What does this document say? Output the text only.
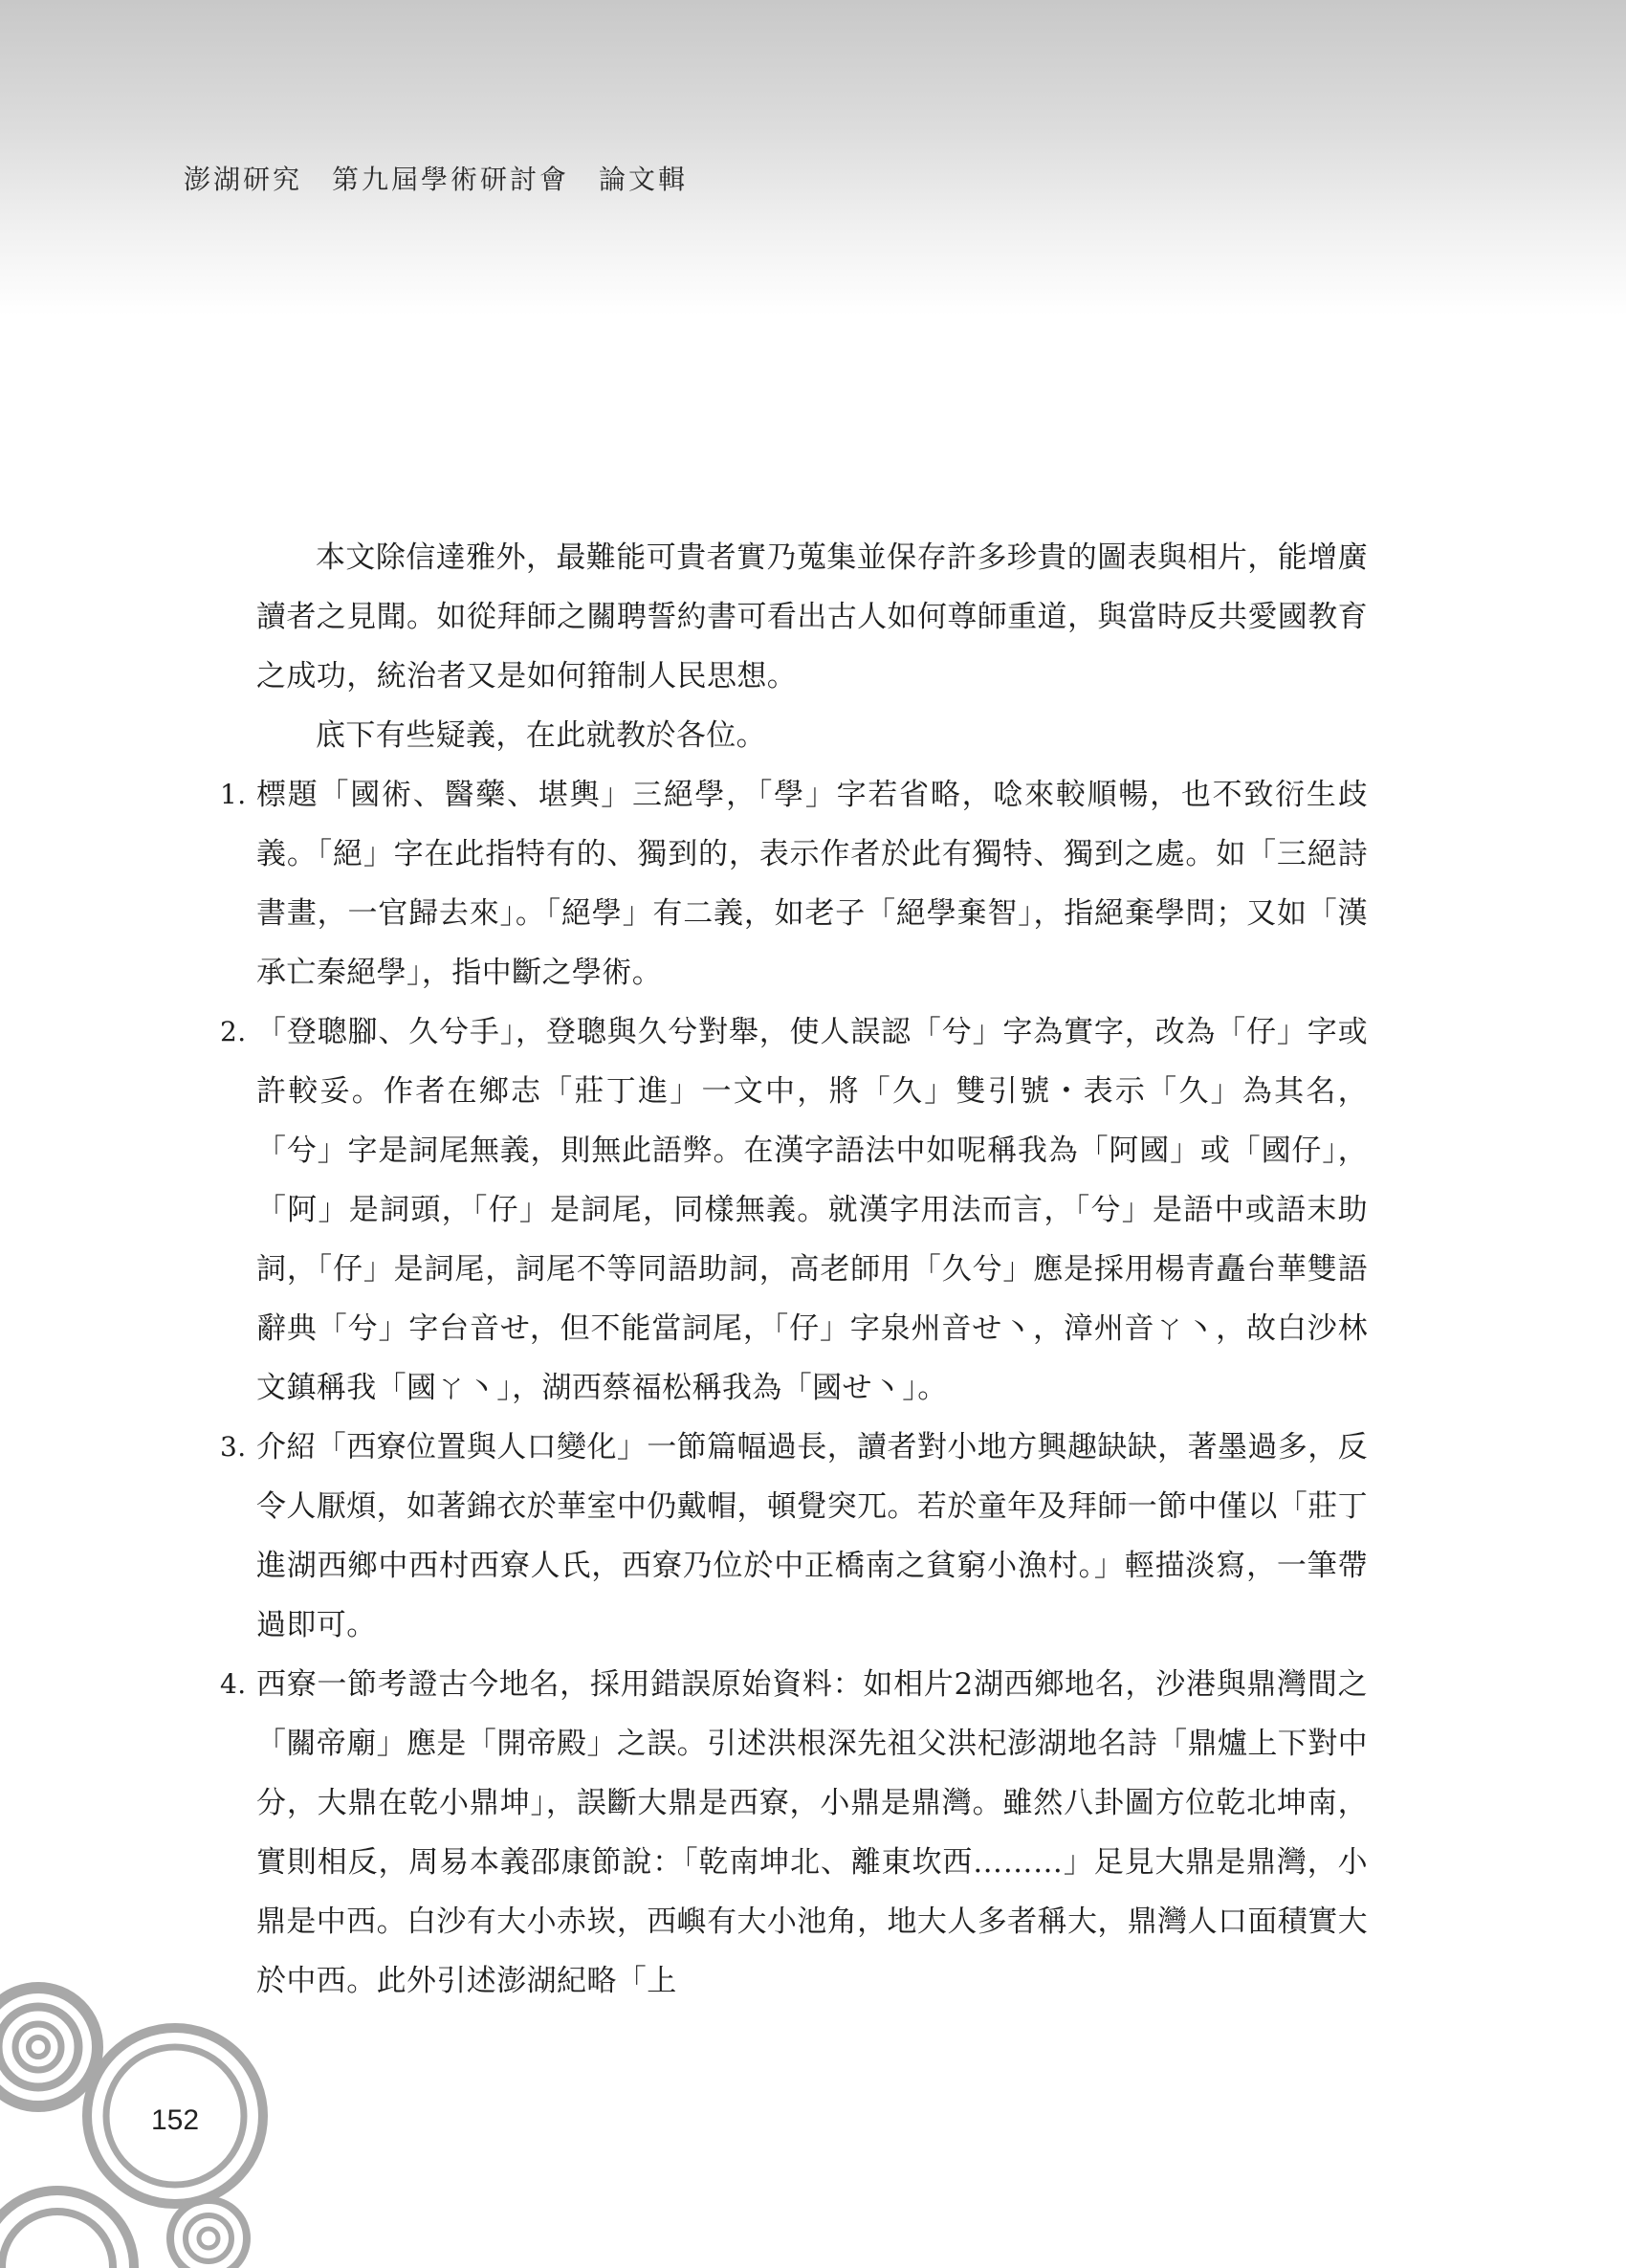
澎湖研究　第九屆學術研討會　論文輯

本文除信達雅外，最難能可貴者實乃蒐集並保存許多珍貴的圖表與相片，能增廣讀者之見聞。如從拜師之關聘誓約書可看出古人如何尊師重道，與當時反共愛國教育之成功，統治者又是如何箝制人民思想。

底下有些疑義，在此就教於各位。

1. 標題「國術、醫藥、堪輿」三絕學，「學」字若省略，唸來較順暢，也不致衍生歧義。「絕」字在此指特有的、獨到的，表示作者於此有獨特、獨到之處。如「三絕詩書畫，一官歸去來」。「絕學」有二義，如老子「絕學棄智」，指絕棄學問；又如「漢承亡秦絕學」，指中斷之學術。
2. 「登聰腳、久兮手」，登聰與久兮對舉，使人誤認「兮」字為實字，改為「仔」字或許較妥。作者在鄉志「莊丁進」一文中，將「久」雙引號・表示「久」為其名，「兮」字是詞尾無義，則無此語弊。在漢字語法中如呢稱我為「阿國」或「國仔」，「阿」是詞頭，「仔」是詞尾，同樣無義。就漢字用法而言，「兮」是語中或語末助詞，「仔」是詞尾，詞尾不等同語助詞，高老師用「久兮」應是採用楊青矗台華雙語辭典「兮」字台音せ，但不能當詞尾，「仔」字泉州音せ丶，漳州音ㄚ丶，故白沙林文鎮稱我「國ㄚ丶」，湖西蔡福松稱我為「國せ丶」。
3. 介紹「西寮位置與人口變化」一節篇幅過長，讀者對小地方興趣缺缺，著墨過多，反令人厭煩，如著錦衣於華室中仍戴帽，頓覺突兀。若於童年及拜師一節中僅以「莊丁進湖西鄉中西村西寮人氏，西寮乃位於中正橋南之貧窮小漁村。」輕描淡寫，一筆帶過即可。
4. 西寮一節考證古今地名，採用錯誤原始資料：如相片2湖西鄉地名，沙港與鼎灣間之「關帝廟」應是「開帝殿」之誤。引述洪根深先祖父洪杞澎湖地名詩「鼎爐上下對中分，大鼎在乾小鼎坤」，誤斷大鼎是西寮，小鼎是鼎灣。雖然八卦圖方位乾北坤南，實則相反，周易本義邵康節說：「乾南坤北、離東坎西………」足見大鼎是鼎灣，小鼎是中西。白沙有大小赤崁，西嶼有大小池角，地大人多者稱大，鼎灣人口面積實大於中西。此外引述澎湖紀略「上
152
